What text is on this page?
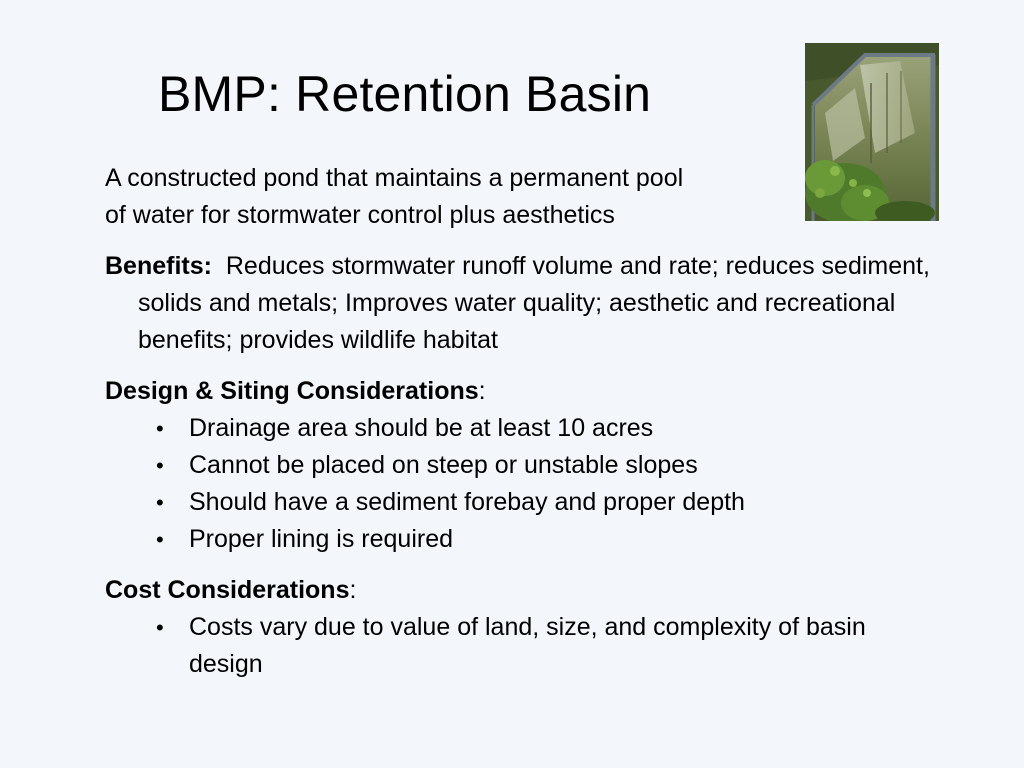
BMP: Retention Basin

A constructed pond that maintains a permanent pool

of water for stormwater control plus aesthetics

Benefits: Reduces stormwater runoff volume and rate; reduces sediment, solids and metals; Improves water quality; aesthetic and recreational benefits; provides wildlife habitat

Design & Siting Considerations:

• Drainage area should be at least 10 acres
• Cannot be placed on steep or unstable slopes
• Should have a sediment forebay and proper depth
• Proper lining is required

Cost Considerations:

• Costs vary due to value of land, size, and complexity of basin design
